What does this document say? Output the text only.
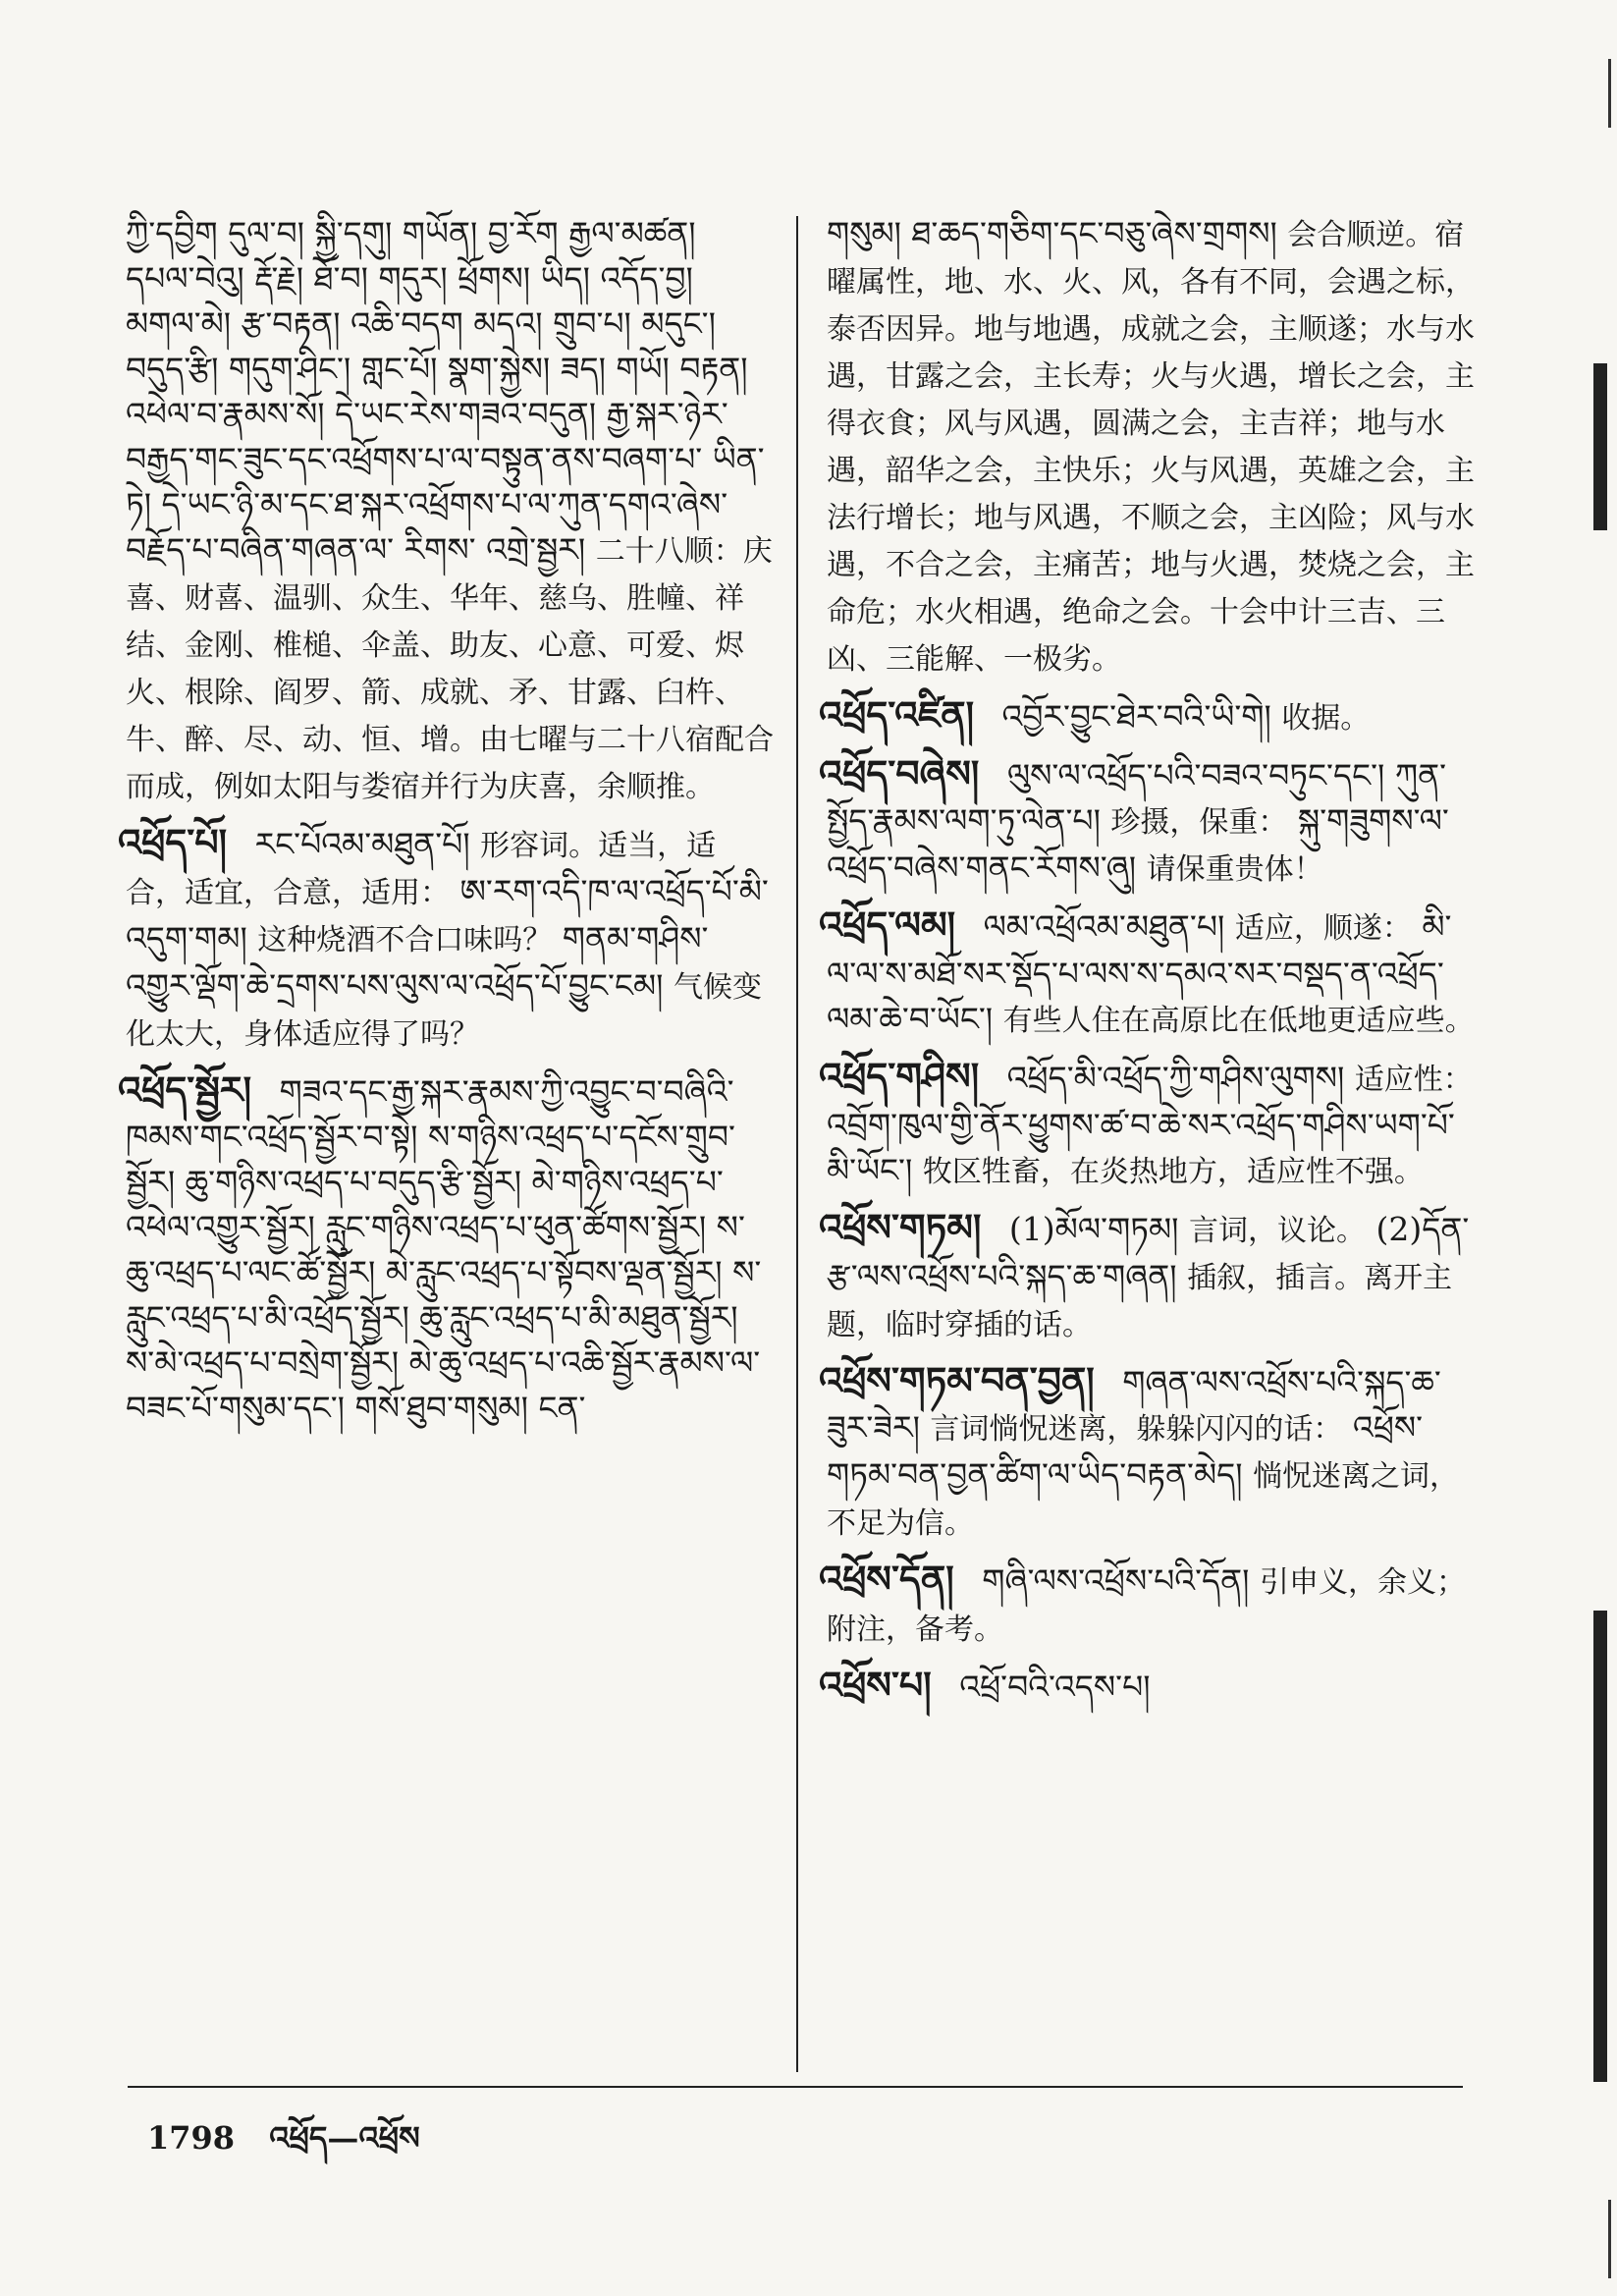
ཀྱི་དབྱིག དུལ་བ། སྐྱི་དགུ། གཡོན། བྱ་རོག རྒྱལ་མཚན། དཔལ་བེའུ། རྡོ་རྗེ། ཐོ་བ། གདུར། ཕྲོགས། ཡིད། འདོད་བྱ། མགལ་མེ། རྩ་བརྟན། འཆི་བདག མདའ། གྲུབ་པ། མདུང་། བདུད་རྩི། གདུག་ཤིང་། གླང་པོ། སྣག་སྐྱེས། ཟད། གཡོ། བརྟན། འཕེལ་བ་རྣམས་སོ། དེ་ཡང་རེས་གཟའ་བདུན། རྒྱ་སྐར་ཉེར་བརྒྱད་གང་ཟུང་དང་འཕྲོགས་པ་ལ་བསྟུན་ནས་བཞག་པ་ ཡིན་ཏེ། དེ་ཡང་ཉི་མ་དང་ཐ་སྐར་འཕྲོགས་པ་ལ་ཀུན་དགའ་ཞེས་བརྗོད་པ་བཞིན་གཞན་ལ་ རིགས་ འགྲེ་སྦྱར། 二十八顺：庆喜、财喜、温驯、众生、华年、慈乌、胜幢、祥结、金刚、椎槌、伞盖、助友、心意、可爱、烬火、根除、阎罗、箭、成就、矛、甘露、臼杵、牛、醉、尽、动、恒、增。由七曜与二十八宿配合而成，例如太阳与娄宿并行为庆喜，余顺推。

འཕྲོད་པོ། རང་པོའམ་མཐུན་པོ། 形容词。适当，适合，适宜，合意，适用： ཨ་རག་འདི་ཁ་ལ་འཕྲོད་པོ་མི་འདུག་གམ། 这种烧酒不合口味吗？ གནམ་གཤིས་འགྱུར་ལྡོག་ཆེ་དྲགས་པས་ལུས་ལ་འཕྲོད་པོ་བྱུང་ངམ། 气候变化太大，身体适应得了吗？

འཕྲོད་སྦྱོར། གཟའ་དང་རྒྱ་སྐར་རྣམས་ཀྱི་འབྱུང་བ་བཞིའི་ཁམས་གང་འཕྲོད་སྦྱོར་བ་སྟེ། ས་གཉིས་འཕྲད་པ་དངོས་གྲུབ་སྦྱོར། ཆུ་གཉིས་འཕྲད་པ་བདུད་རྩི་སྦྱོར། མེ་གཉིས་འཕྲད་པ་འཕེལ་འགྱུར་སྦྱོར། རླུང་གཉིས་འཕྲད་པ་ཕུན་ཚོགས་སྦྱོར། ས་ཆུ་འཕྲད་པ་ལང་ཚོ་སྦྱོར། མེ་རླུང་འཕྲད་པ་སྟོབས་ལྡན་སྦྱོར། ས་རླུང་འཕྲད་པ་མི་འཕྲོད་སྦྱོར། ཆུ་རླུང་འཕྲད་པ་མི་མཐུན་སྦྱོར། ས་མེ་འཕྲད་པ་བསྲེག་སྦྱོར། མེ་ཆུ་འཕྲད་པ་འཆི་སྦྱོར་རྣམས་ལ་བཟང་པོ་གསུམ་དང་། གསོ་ཐུབ་གསུམ། ངན་

གསུམ། ཐ་ཆད་གཅིག་དང་བཅུ་ཞེས་གྲགས། 会合顺逆。宿曜属性，地、水、火、风，各有不同，会遇之标，泰否因异。地与地遇，成就之会，主顺遂；水与水遇，甘露之会，主长寿；火与火遇，增长之会，主得衣食；风与风遇，圆满之会，主吉祥；地与水遇，韶华之会，主快乐；火与风遇，英雄之会，主法行增长；地与风遇，不顺之会，主凶险；风与水遇，不合之会，主痛苦；地与火遇，焚烧之会，主命危；水火相遇，绝命之会。十会中计三吉、三凶、三能解、一极劣。

འཕྲོད་འཛིན། འབྱོར་བྱུང་ཐེར་བའི་ཡི་གེ། 收据。

འཕྲོད་བཞེས། ལུས་ལ་འཕྲོད་པའི་བཟའ་བཏུང་དང་། ཀུན་སྤྱོད་རྣམས་ལག་ཏུ་ལེན་པ། 珍摄，保重： སྐུ་གཟུགས་ལ་འཕྲོད་བཞེས་གནང་རོགས་ཞུ། 请保重贵体！

འཕྲོད་ལམ། ལམ་འཕྲོའམ་མཐུན་པ། 适应，顺遂： མི་ལ་ལ་ས་མཐོ་སར་སྡོད་པ་ལས་ས་དམའ་སར་བསྡད་ན་འཕྲོད་ལམ་ཆེ་བ་ཡོང་། 有些人住在高原比在低地更适应些。

འཕྲོད་གཤིས། འཕྲོད་མི་འཕྲོད་ཀྱི་གཤིས་ལུགས། 适应性： འབྲོག་ཁུལ་གྱི་ནོར་ཕྱུགས་ཚ་བ་ཆེ་སར་འཕྲོད་གཤིས་ཡག་པོ་མི་ཡོང་། 牧区牲畜，在炎热地方，适应性不强。

འཕྲོས་གཏམ། (1)མོལ་གཏམ། 言词，议论。 (2)དོན་རྩ་ལས་འཕྲོས་པའི་སྐད་ཆ་གཞན། 插叙，插言。离开主题，临时穿插的话。

འཕྲོས་གཏམ་བན་བྱན། གཞན་ལས་འཕྲོས་པའི་སྐད་ཆ་ཟུར་ཟེར། 言词惝怳迷离，躲躲闪闪的话： འཕྲོས་གཏམ་བན་བྱན་ཚིག་ལ་ཡིད་བརྟན་མེད། 惝怳迷离之词，不足为信。

འཕྲོས་དོན། གཞི་ལས་འཕྲོས་པའི་དོན། 引申义，余义；附注，备考。

འཕྲོས་པ། འཕྲོ་བའི་འདས་པ།

1798 འཕྲོད—འཕྲོས
